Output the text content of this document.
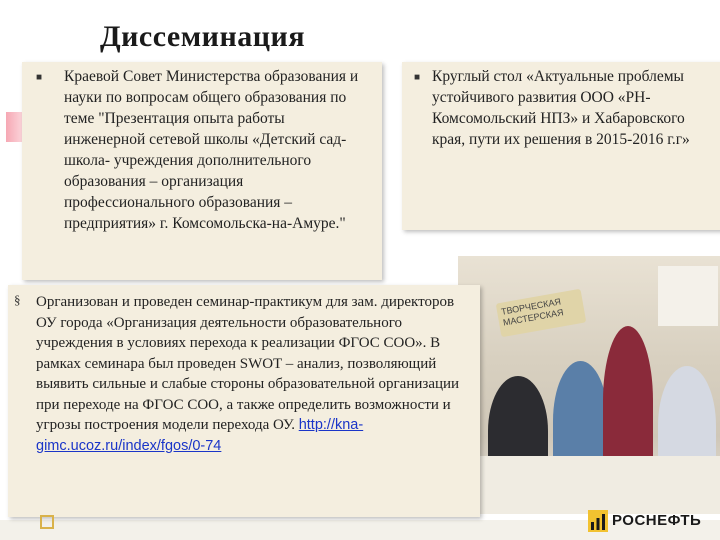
Диссеминация
■ Краевой Совет Министерства образования и науки по вопросам общего образования по теме "Презентация опыта работы инженерной сетевой школы «Детский сад-школа- учреждения дополнительного образования – организация профессионального образования – предприятия» г. Комсомольска-на-Амуре."
■ Круглый стол «Актуальные проблемы устойчивого развития ООО «РН-Комсомольский НПЗ» и Хабаровского края, пути их решения в 2015-2016 г.г»
ТВОРЧЕСКАЯ МАСТЕРСКАЯ
§ Организован и проведен семинар-практикум для зам. директоров ОУ города «Организация деятельности образовательного учреждения в условиях перехода к реализации ФГОС СОО». В рамках семинара был проведен SWOT – анализ, позволяющий выявить сильные и слабые стороны образовательной организации при переходе на ФГОС СОО, а также определить возможности и угрозы построения модели перехода ОУ. http://kna-gimc.ucoz.ru/index/fgos/0-74
РОСНЕФТЬ
